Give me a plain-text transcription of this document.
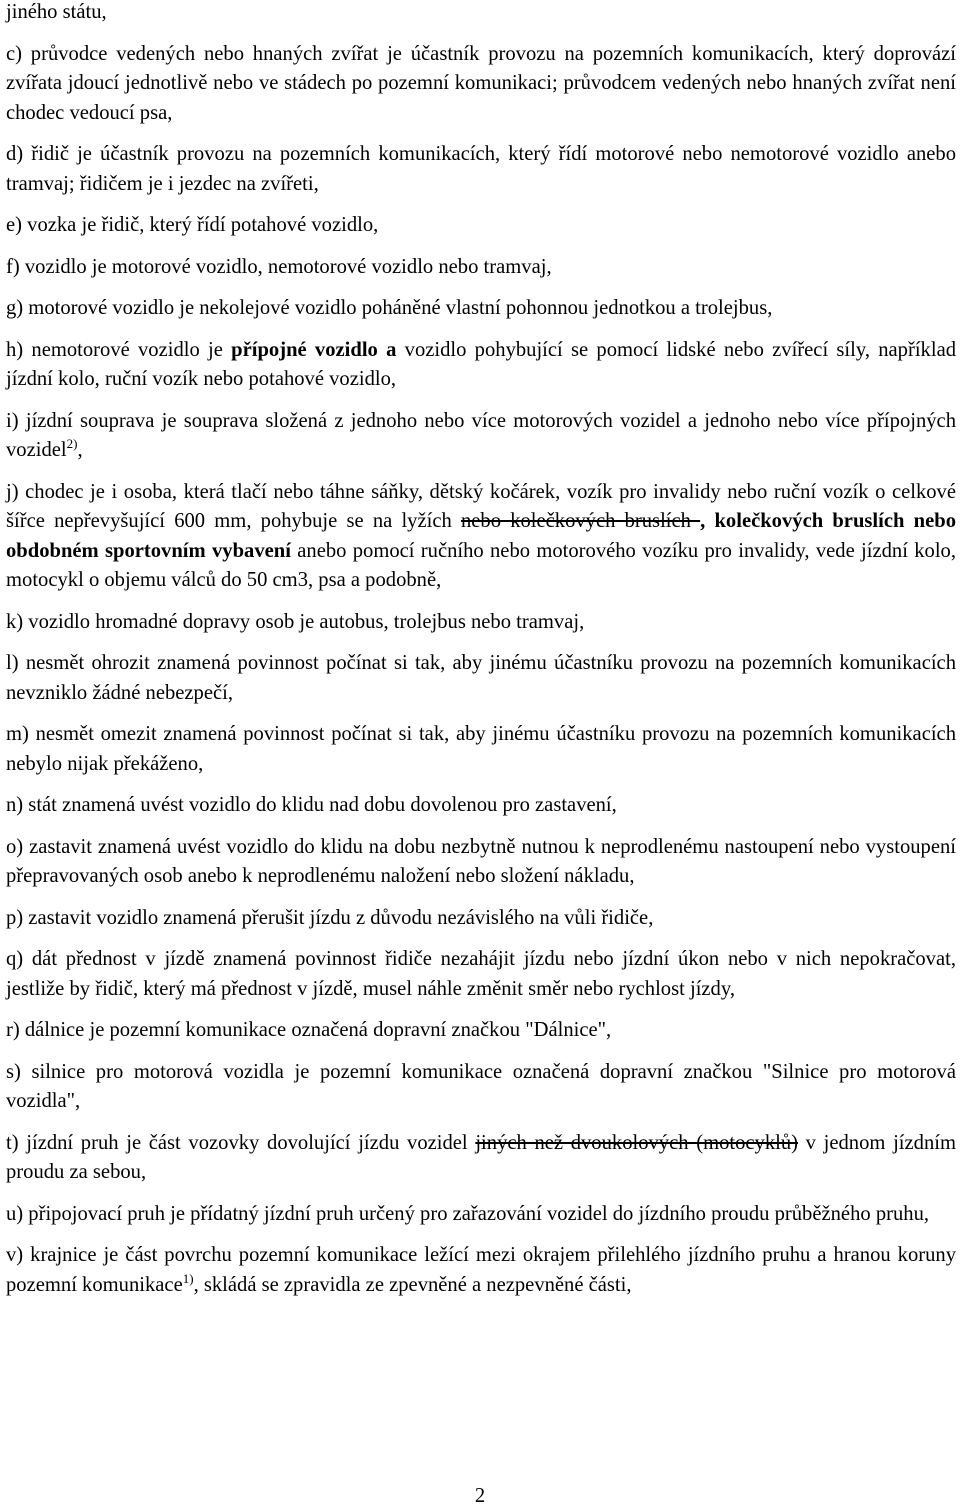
jiného státu,

c) průvodce vedených nebo hnaných zvířat je účastník provozu na pozemních komunikacích, který doprovází zvířata jdoucí jednotlivě nebo ve stádech po pozemní komunikaci; průvodcem vedených nebo hnaných zvířat není chodec vedoucí psa,

d) řidič je účastník provozu na pozemních komunikacích, který řídí motorové nebo nemotorové vozidlo anebo tramvaj; řidičem je i jezdec na zvířeti,

e) vozka je řidič, který řídí potahové vozidlo,

f) vozidlo je motorové vozidlo, nemotorové vozidlo nebo tramvaj,

g) motorové vozidlo je nekolejové vozidlo poháněné vlastní pohonnou jednotkou a trolejbus,

h) nemotorové vozidlo je přípojné vozidlo a vozidlo pohybující se pomocí lidské nebo zvířecí síly, například jízdní kolo, ruční vozík nebo potahové vozidlo,

i) jízdní souprava je souprava složená z jednoho nebo více motorových vozidel a jednoho nebo více přípojných vozidel$^{2)}$,

j) chodec je i osoba, která tlačí nebo táhne sáňky, dětský kočárek, vozík pro invalidy nebo ruční vozík o celkové šířce nepřevyšující 600 mm, pohybuje se na lyžích nebo kolečkových bruslích , kolečkových bruslích nebo obdobném sportovním vybavení anebo pomocí ručního nebo motorového vozíku pro invalidy, vede jízdní kolo, motocykl o objemu válců do 50 cm3, psa a podobně,

k) vozidlo hromadné dopravy osob je autobus, trolejbus nebo tramvaj,

l) nesmět ohrozit znamená povinnost počínat si tak, aby jinému účastníku provozu na pozemních komunikacích nevzniklo žádné nebezpečí,

m) nesmět omezit znamená povinnost počínat si tak, aby jinému účastníku provozu na pozemních komunikacích nebylo nijak překáženo,

n) stát znamená uvést vozidlo do klidu nad dobu dovolenou pro zastavení,

o) zastavit znamená uvést vozidlo do klidu na dobu nezbytně nutnou k neprodlenému nastoupení nebo vystoupení přepravovaných osob anebo k neprodlenému naložení nebo složení nákladu,

p) zastavit vozidlo znamená přerušit jízdu z důvodu nezávislého na vůli řidiče,

q) dát přednost v jízdě znamená povinnost řidiče nezahájit jízdu nebo jízdní úkon nebo v nich nepokračovat, jestliže by řidič, který má přednost v jízdě, musel náhle změnit směr nebo rychlost jízdy,

r) dálnice je pozemní komunikace označená dopravní značkou "Dálnice",

s) silnice pro motorová vozidla je pozemní komunikace označená dopravní značkou "Silnice pro motorová vozidla",

t) jízdní pruh je část vozovky dovolující jízdu vozidel jiných než dvoukolových (motocyklů) v jednom jízdním proudu za sebou,

u) připojovací pruh je přídatný jízdní pruh určený pro zařazování vozidel do jízdního proudu průběžného pruhu,

v) krajnice je část povrchu pozemní komunikace ležící mezi okrajem přilehlého jízdního pruhu a hranou koruny pozemní komunikace$^{1)}$, skládá se zpravidla ze zpevněné a nezpevněné části,

2
